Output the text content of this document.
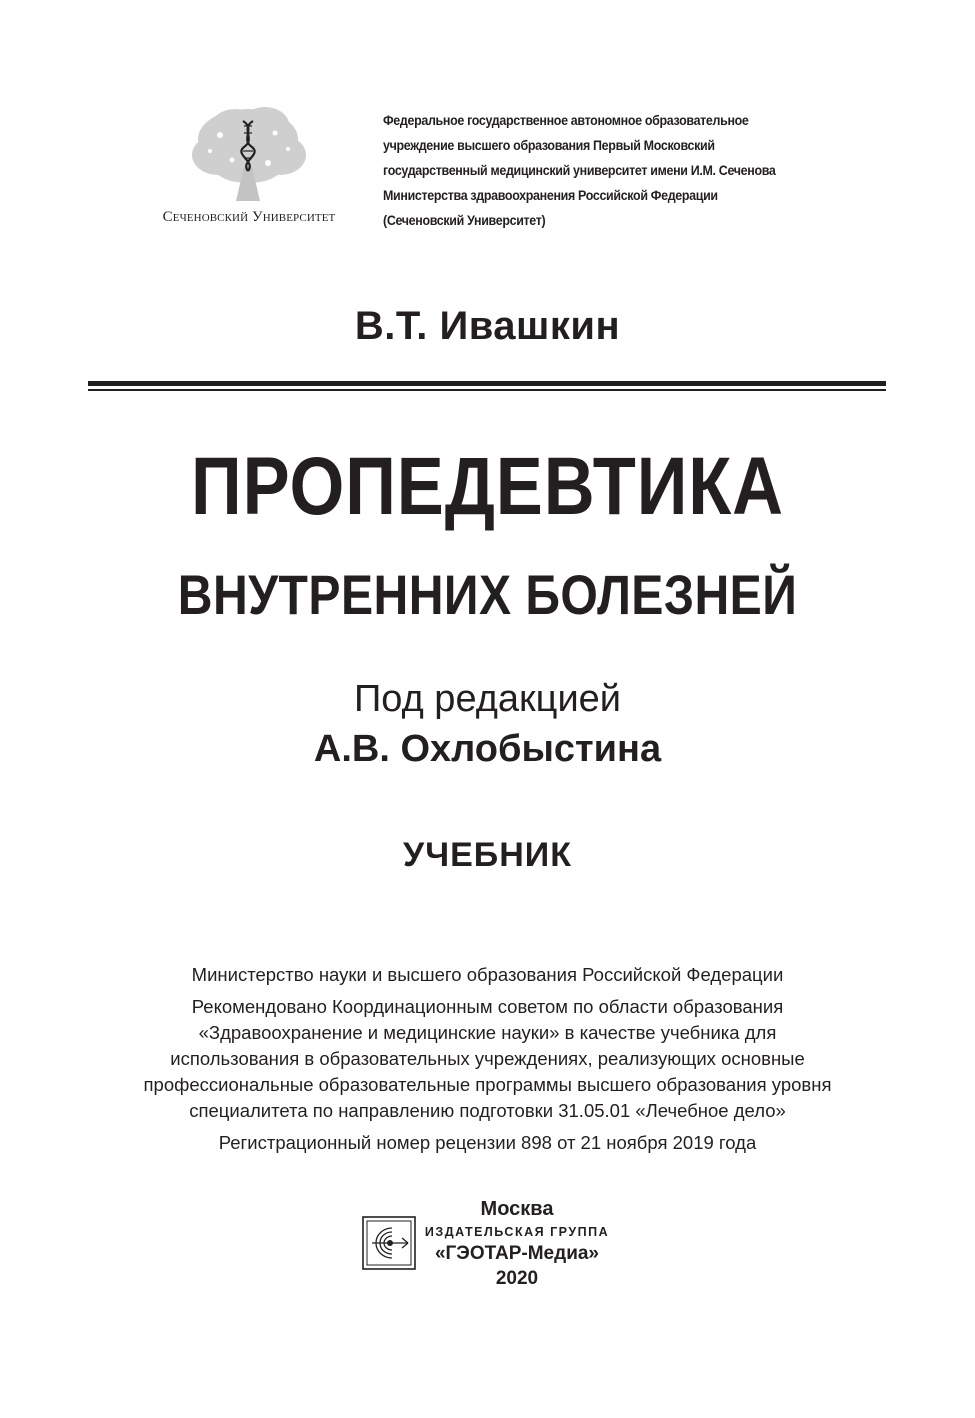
Сеченовский Университет
Федеральное государственное автономное образовательное
учреждение высшего образования Первый Московский
государственный медицинский университет имени И.М. Сеченова
Министерства здравоохранения Российской Федерации
(Сеченовский Университет)
В.Т. Ивашкин
ПРОПЕДЕВТИКА
ВНУТРЕННИХ БОЛЕЗНЕЙ
Под редакцией
А.В. Охлобыстина
УЧЕБНИК
Министерство науки и высшего образования Российской Федерации
Рекомендовано Координационным советом по области образования
«Здравоохранение и медицинские науки» в качестве учебника для
использования в образовательных учреждениях, реализующих основные
профессиональные образовательные программы высшего образования уровня
специалитета по направлению подготовки 31.05.01 «Лечебное дело»
Регистрационный номер рецензии 898 от 21 ноября 2019 года
Москва
ИЗДАТЕЛЬСКАЯ ГРУППА
«ГЭОТАР-Медиа»
2020
